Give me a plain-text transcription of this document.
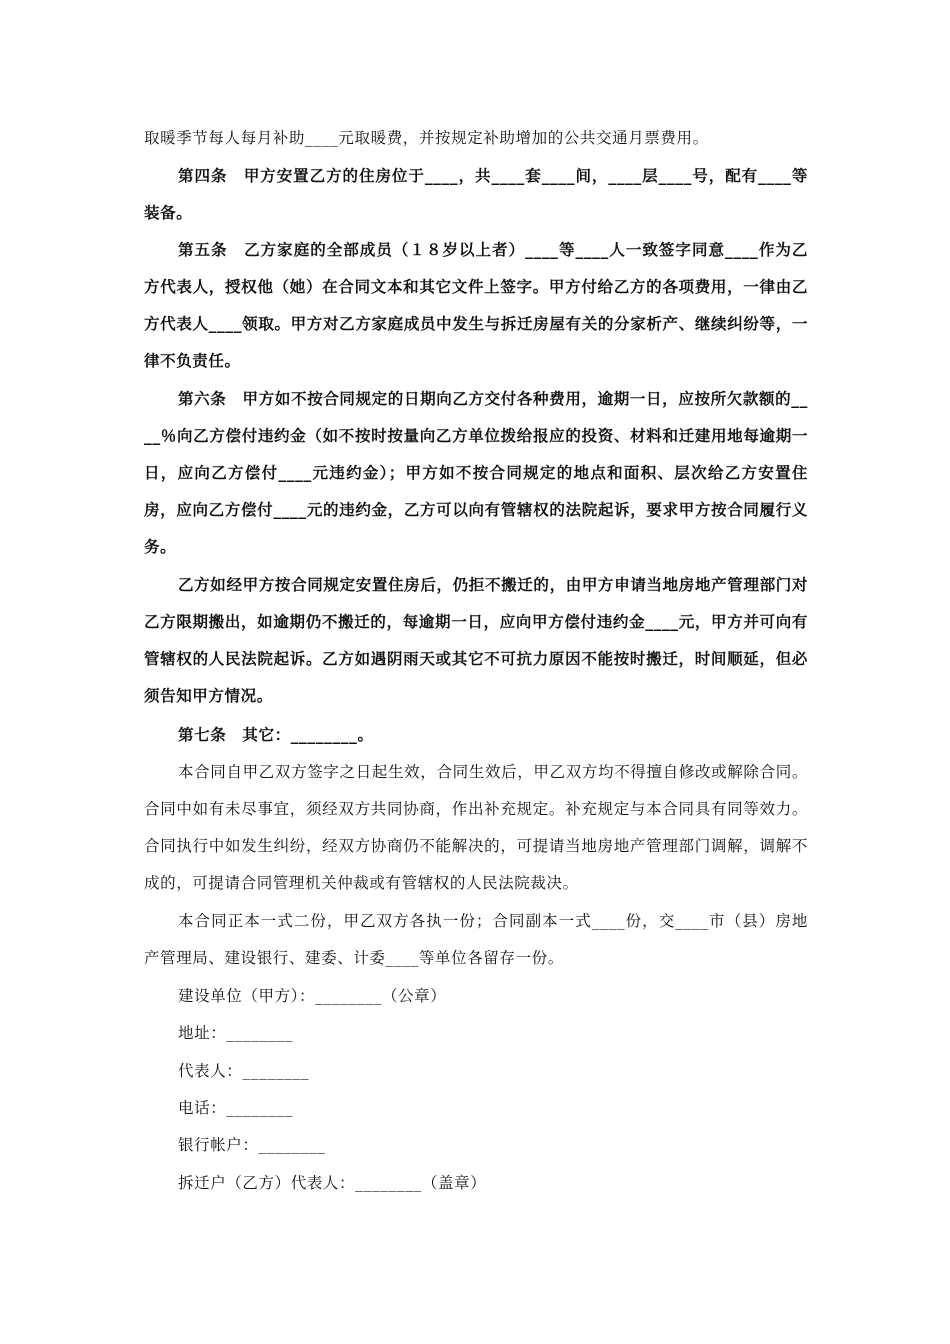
取暖季节每人每月补助____元取暖费，并按规定补助增加的公共交通月票费用。

第四条　甲方安置乙方的住房位于____，共____套____间，____层____号，配有____等装备。

第五条　乙方家庭的全部成员（１８岁以上者）____等____人一致签字同意____作为乙方代表人，授权他（她）在合同文本和其它文件上签字。甲方付给乙方的各项费用，一律由乙方代表人____领取。甲方对乙方家庭成员中发生与拆迁房屋有关的分家析产、继续纠纷等，一律不负责任。

第六条　甲方如不按合同规定的日期向乙方交付各种费用，逾期一日，应按所欠款额的____％向乙方偿付违约金（如不按时按量向乙方单位拨给报应的投资、材料和迁建用地每逾期一日，应向乙方偿付____元违约金）；甲方如不按合同规定的地点和面积、层次给乙方安置住房，应向乙方偿付____元的违约金，乙方可以向有管辖权的法院起诉，要求甲方按合同履行义务。

乙方如经甲方按合同规定安置住房后，仍拒不搬迁的，由甲方申请当地房地产管理部门对乙方限期搬出，如逾期仍不搬迁的，每逾期一日，应向甲方偿付违约金____元，甲方并可向有管辖权的人民法院起诉。乙方如遇阴雨天或其它不可抗力原因不能按时搬迁，时间顺延，但必须告知甲方情况。

第七条　其它：________。

本合同自甲乙双方签字之日起生效，合同生效后，甲乙双方均不得擅自修改或解除合同。合同中如有未尽事宜，须经双方共同协商，作出补充规定。补充规定与本合同具有同等效力。合同执行中如发生纠纷，经双方协商仍不能解决的，可提请当地房地产管理部门调解，调解不成的，可提请合同管理机关仲裁或有管辖权的人民法院裁决。

本合同正本一式二份，甲乙双方各执一份；合同副本一式____份，交____市（县）房地产管理局、建设银行、建委、计委____等单位各留存一份。

建设单位（甲方）：________（公章）
地址：________
代表人：________
电话：________
银行帐户：________
拆迁户（乙方）代表人：________（盖章）
